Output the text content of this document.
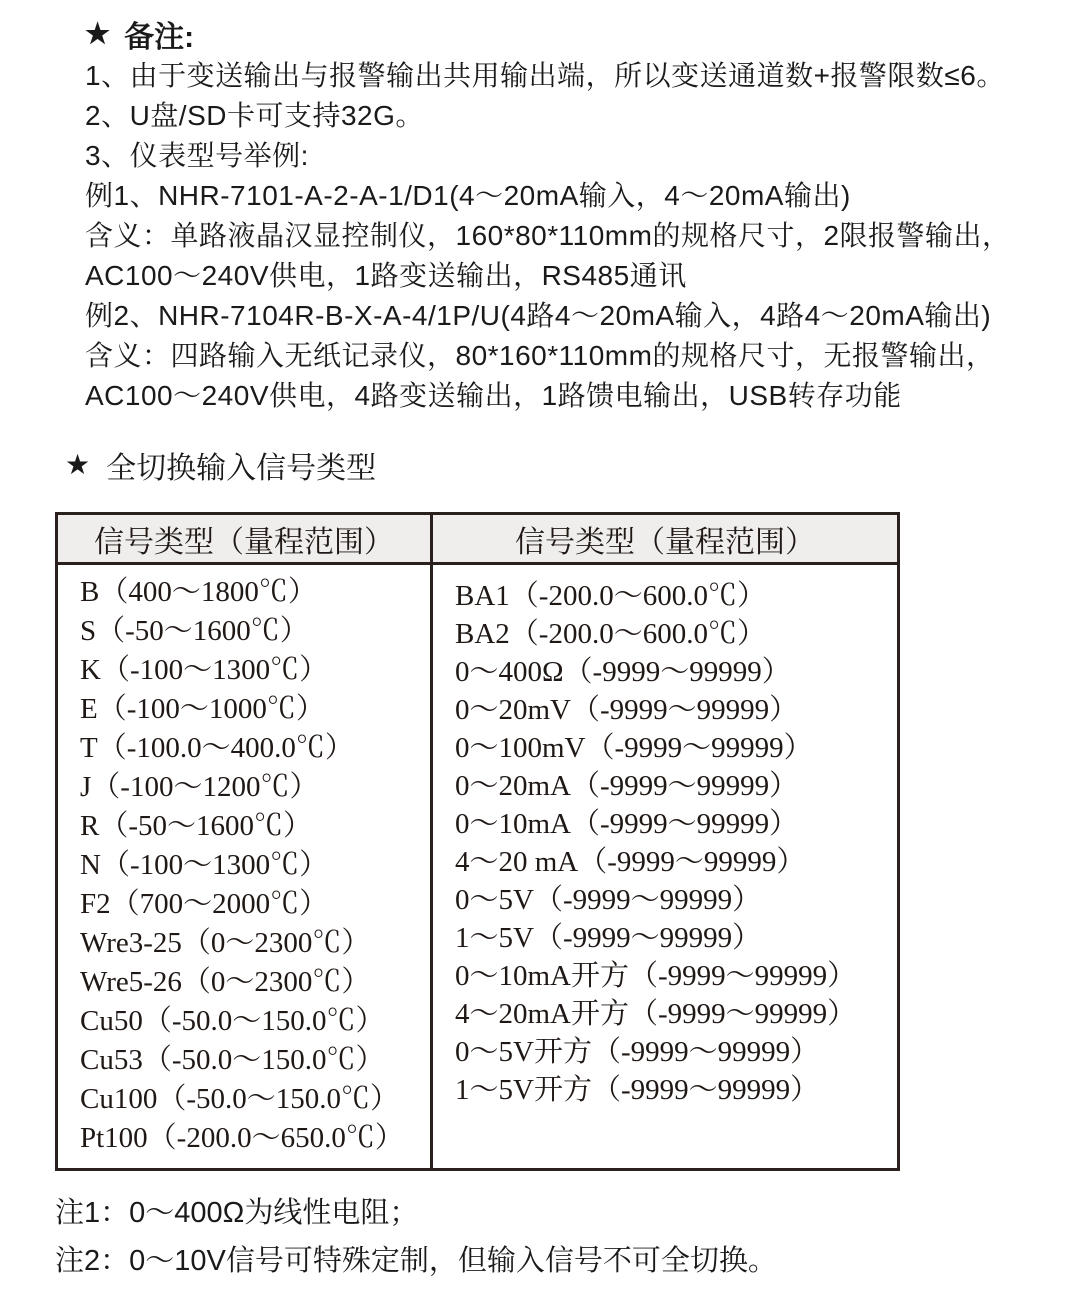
★ 备注:
1、由于变送输出与报警输出共用输出端，所以变送通道数+报警限数≤6。
2、U盘/SD卡可支持32G。
3、仪表型号举例:
例1、NHR-7101-A-2-A-1/D1(4～20mA输入，4～20mA输出)
含义：单路液晶汉显控制仪，160*80*110mm的规格尺寸，2限报警输出，
AC100～240V供电，1路变送输出，RS485通讯
例2、NHR-7104R-B-X-A-4/1P/U(4路4～20mA输入，4路4～20mA输出)
含义：四路输入无纸记录仪，80*160*110mm的规格尺寸，无报警输出，
AC100～240V供电，4路变送输出，1路馈电输出，USB转存功能
★ 全切换输入信号类型
信号类型（量程范围）	信号类型（量程范围）

B（400～1800℃）
S（-50～1600℃）
K（-100～1300℃）
E（-100～1000℃）
T（-100.0～400.0℃）
J（-100～1200℃）
R（-50～1600℃）
N（-100～1300℃）
F2（700～2000℃）
Wre3-25（0～2300℃）
Wre5-26（0～2300℃）
Cu50（-50.0～150.0℃）
Cu53（-50.0～150.0℃）
Cu100（-50.0～150.0℃）
Pt100（-200.0～650.0℃）

BA1（-200.0～600.0℃）
BA2（-200.0～600.0℃）
0～400Ω（-9999～99999）
0～20mV（-9999～99999）
0～100mV（-9999～99999）
0～20mA（-9999～99999）
0～10mA（-9999～99999）
4～20 mA（-9999～99999）
0～5V（-9999～99999）
1～5V（-9999～99999）
0～10mA开方（-9999～99999）
4～20mA开方（-9999～99999）
0～5V开方（-9999～99999）
1～5V开方（-9999～99999）
注1：0～400Ω为线性电阻；
注2：0～10V信号可特殊定制，但输入信号不可全切换。
